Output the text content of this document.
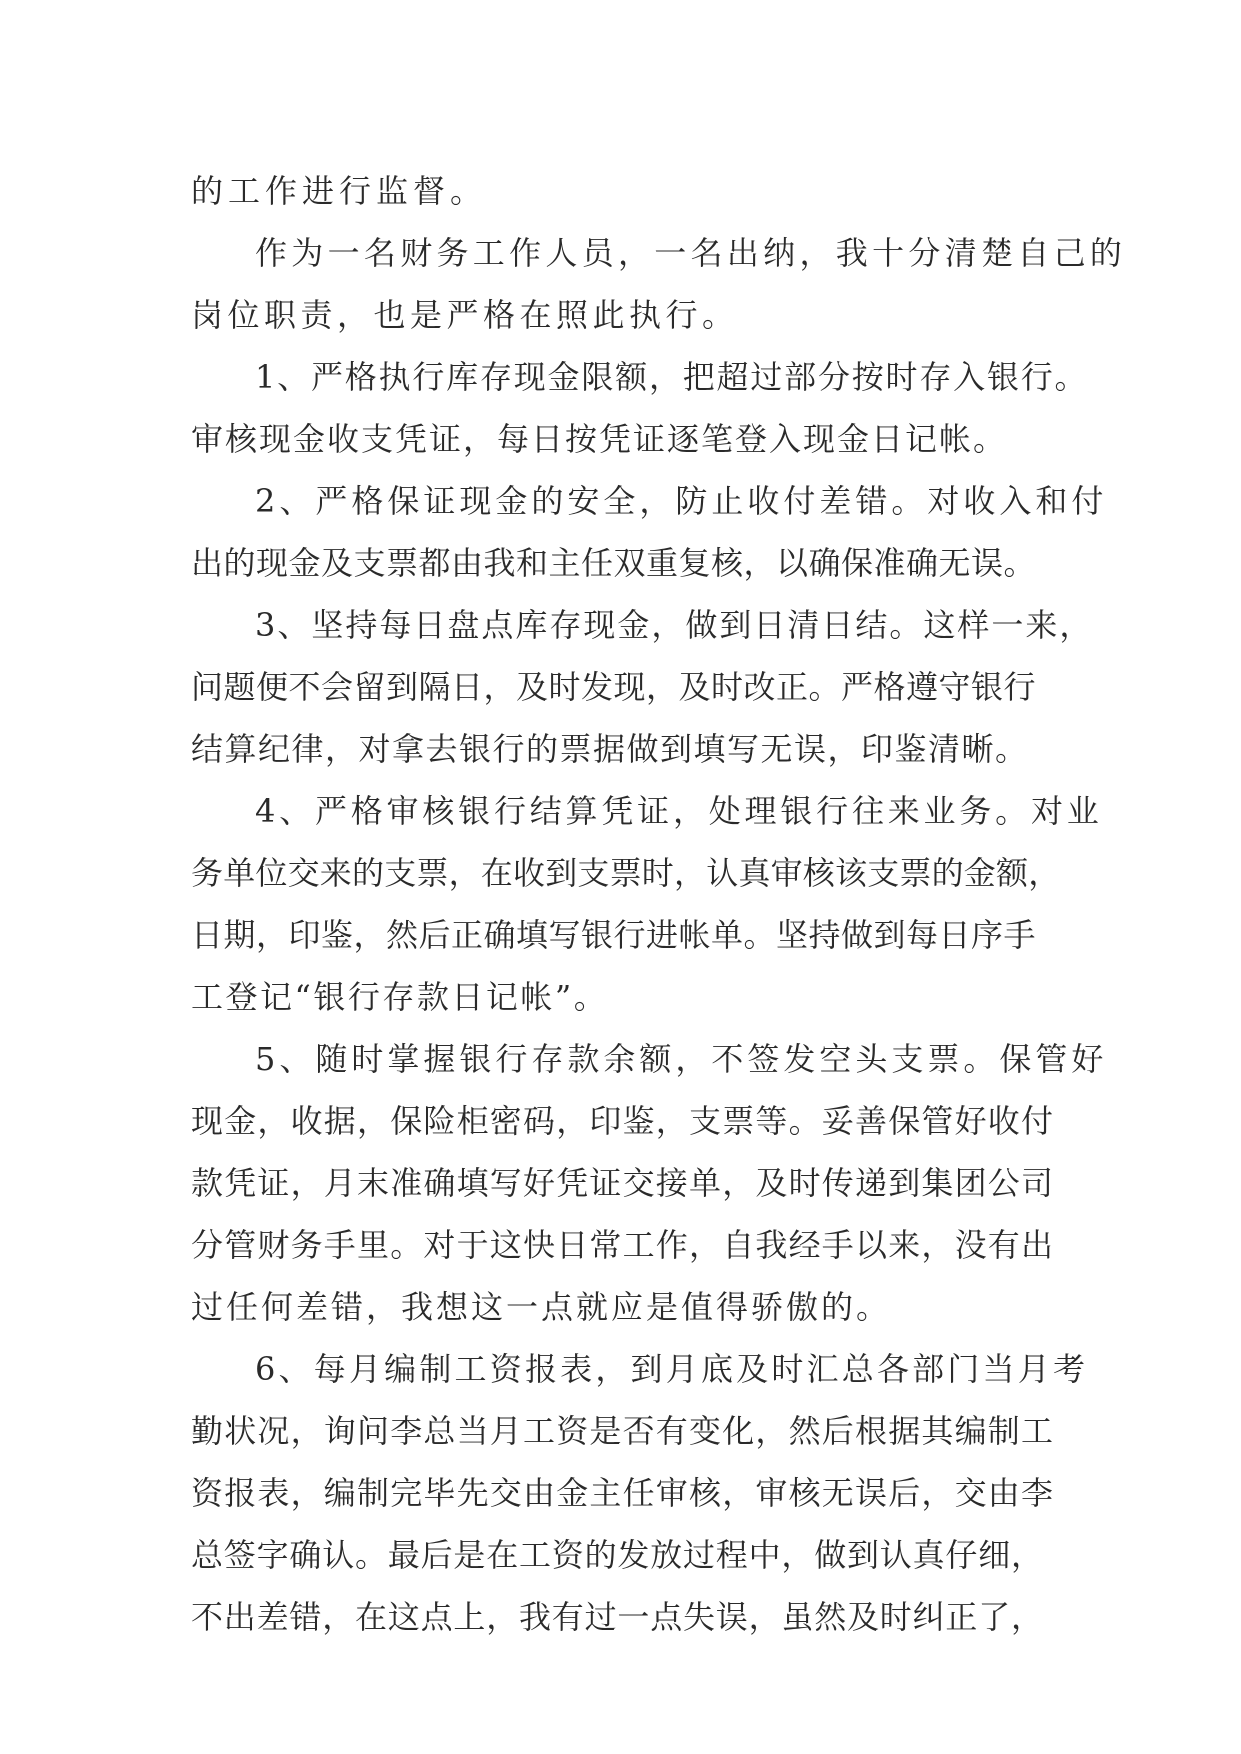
的工作进行监督。
作为一名财务工作人员，一名出纳，我十分清楚自己的
岗位职责，也是严格在照此执行。
1、严格执行库存现金限额，把超过部分按时存入银行。
审核现金收支凭证，每日按凭证逐笔登入现金日记帐。
2、严格保证现金的安全，防止收付差错。对收入和付
出的现金及支票都由我和主任双重复核，以确保准确无误。
3、坚持每日盘点库存现金，做到日清日结。这样一来，
问题便不会留到隔日，及时发现，及时改正。严格遵守银行
结算纪律，对拿去银行的票据做到填写无误，印鉴清晰。
4、严格审核银行结算凭证，处理银行往来业务。对业
务单位交来的支票，在收到支票时，认真审核该支票的金额，
日期，印鉴，然后正确填写银行进帐单。坚持做到每日序手
工登记“银行存款日记帐”。
5、随时掌握银行存款余额，不签发空头支票。保管好
现金，收据，保险柜密码，印鉴，支票等。妥善保管好收付
款凭证，月末准确填写好凭证交接单，及时传递到集团公司
分管财务手里。对于这快日常工作，自我经手以来，没有出
过任何差错，我想这一点就应是值得骄傲的。
6、每月编制工资报表，到月底及时汇总各部门当月考
勤状况，询问李总当月工资是否有变化，然后根据其编制工
资报表，编制完毕先交由金主任审核，审核无误后，交由李
总签字确认。最后是在工资的发放过程中，做到认真仔细，
不出差错，在这点上，我有过一点失误，虽然及时纠正了，
